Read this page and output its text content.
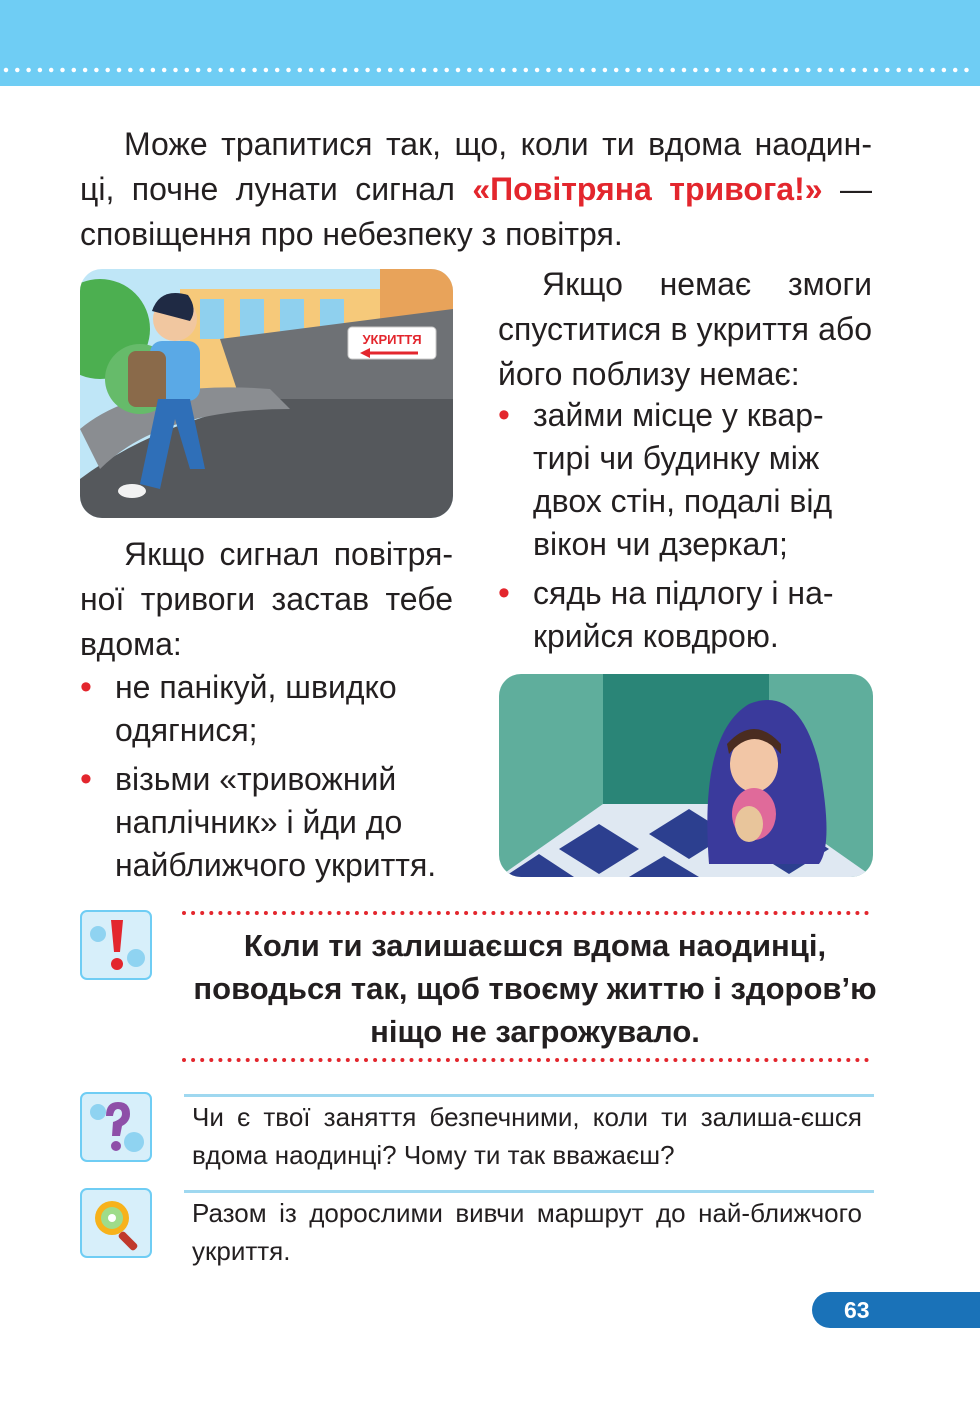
Може трапитися так, що, коли ти вдома наодин-ці, почне лунати сигнал «Повітряна тривога!» — сповіщення про небезпеку з повітря.

УКРИТТЯ
Якщо немає змоги спуститися в укриття або його поблизу немає:
• займи місце у квар-тирі чи будинку між двох стін, подалі від вікон чи дзеркал;
• сядь на підлогу і на-крийся ковдрою.
Якщо сигнал повітря-ної тривоги застав тебе вдома:
• не панікуй, швидко одягнися;
• візьми «тривожний наплічник» і йди до найближчого укриття.

Коли ти залишаєшся вдома наодинці, поводься так, щоб твоєму життю і здоров’ю ніщо не загрожувало.

Чи є твої заняття безпечними, коли ти залиша-єшся вдома наодинці? Чому ти так вважаєш?

Разом із дорослими вивчи маршрут до най-ближчого укриття.

63
